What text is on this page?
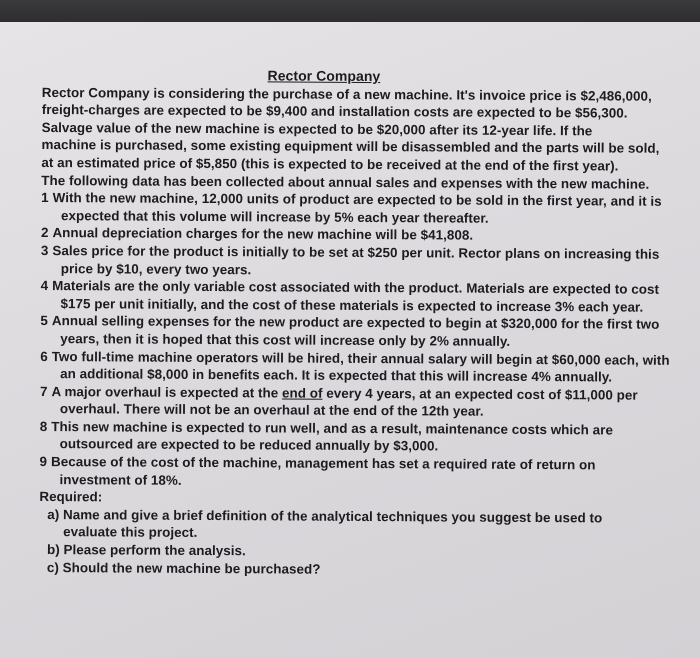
Rector Company

Rector Company is considering the purchase of a new machine. It's invoice price is $2,486,000,

freight-charges are expected to be $9,400 and installation costs are expected to be $56,300.

Salvage value of the new machine is expected to be $20,000 after its 12-year life. If the

machine is purchased, some existing equipment will be disassembled and the parts will be sold,

at an estimated price of $5,850 (this is expected to be received at the end of the first year).

The following data has been collected about annual sales and expenses with the new machine.

1 With the new machine, 12,000 units of product are expected to be sold in the first year, and it is expected that this volume will increase by 5% each year thereafter.

2 Annual depreciation charges for the new machine will be $41,808.

3 Sales price for the product is initially to be set at $250 per unit. Rector plans on increasing this price by $10, every two years.

4 Materials are the only variable cost associated with the product. Materials are expected to cost $175 per unit initially, and the cost of these materials is expected to increase 3% each year.

5 Annual selling expenses for the new product are expected to begin at $320,000 for the first two years, then it is hoped that this cost will increase only by 2% annually.

6 Two full-time machine operators will be hired, their annual salary will begin at $60,000 each, with an additional $8,000 in benefits each. It is expected that this will increase 4% annually.

7 A major overhaul is expected at the end of every 4 years, at an expected cost of $11,000 per overhaul. There will not be an overhaul at the end of the 12th year.

8 This new machine is expected to run well, and as a result, maintenance costs which are outsourced are expected to be reduced annually by $3,000.

9 Because of the cost of the machine, management has set a required rate of return on investment of 18%.

Required:

a) Name and give a brief definition of the analytical techniques you suggest be used to evaluate this project.

b) Please perform the analysis.

c) Should the new machine be purchased?
